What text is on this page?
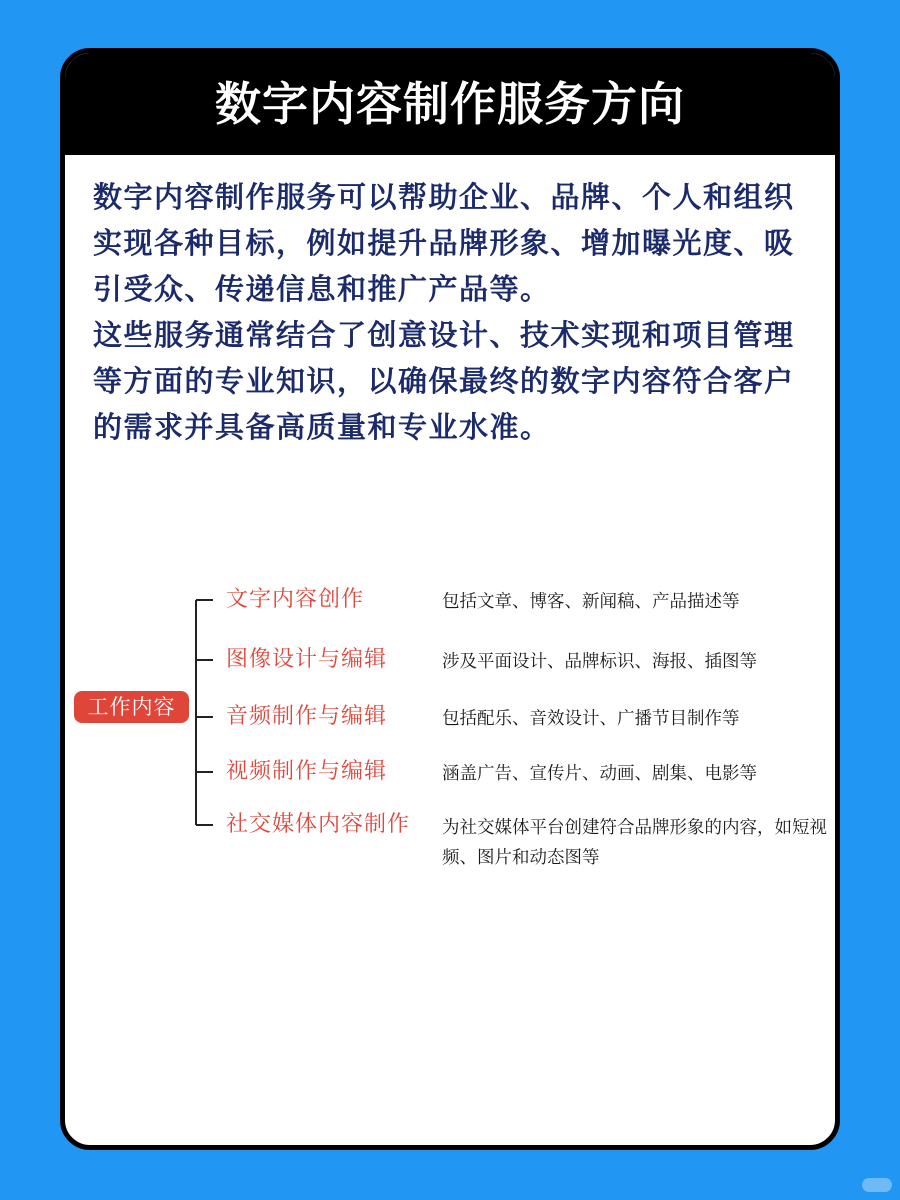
数字内容制作服务方向

数字内容制作服务可以帮助企业、品牌、个人和组织实现各种目标，例如提升品牌形象、增加曝光度、吸引受众、传递信息和推广产品等。

这些服务通常结合了创意设计、技术实现和项目管理等方面的专业知识，以确保最终的数字内容符合客户的需求并具备高质量和专业水准。

工作内容
文字内容创作	包括文章、博客、新闻稿、产品描述等
图像设计与编辑	涉及平面设计、品牌标识、海报、插图等
音频制作与编辑	包括配乐、音效设计、广播节目制作等
视频制作与编辑	涵盖广告、宣传片、动画、剧集、电影等
社交媒体内容制作 为社交媒体平台创建符合品牌形象的内容，如短视频、图片和动态图等
